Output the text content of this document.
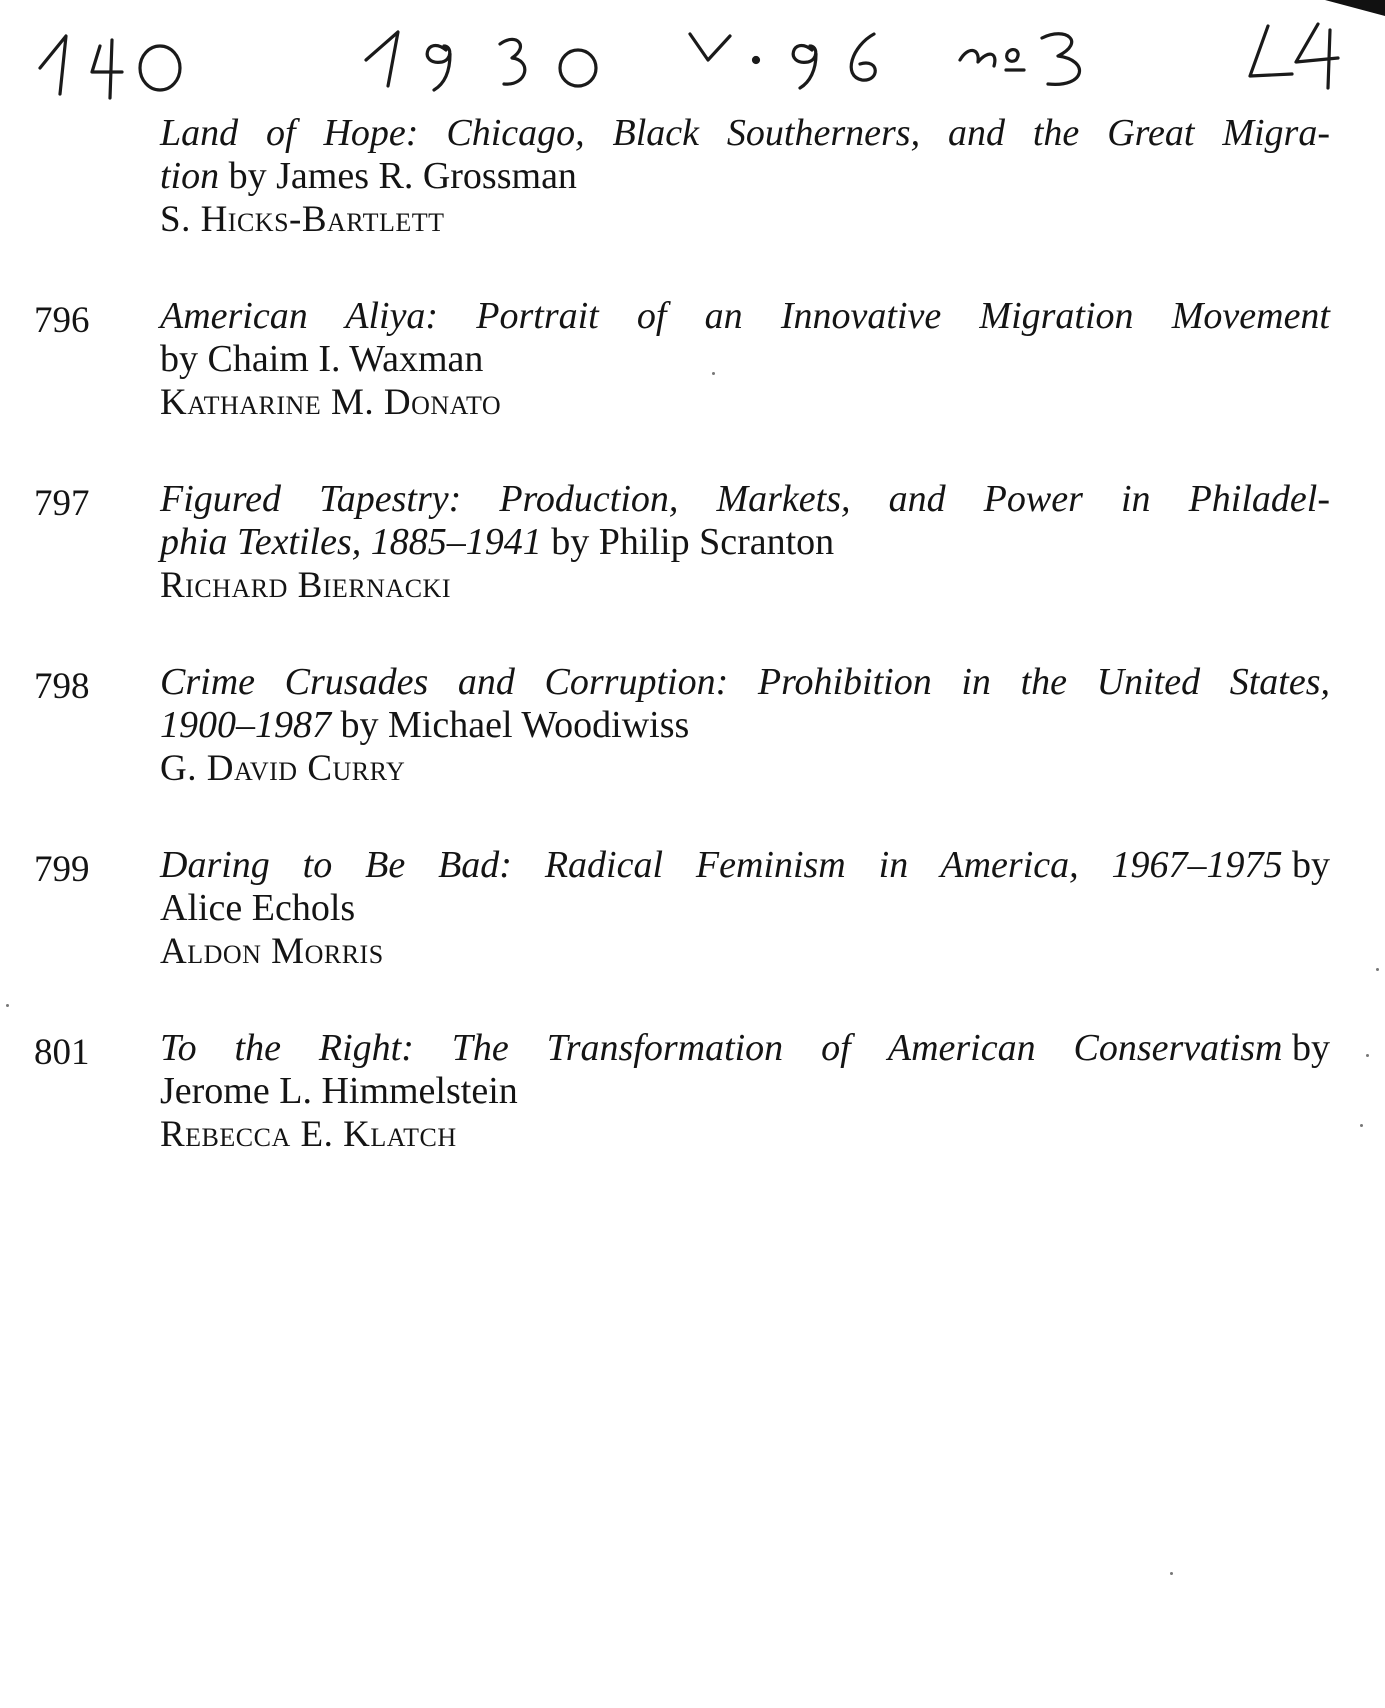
Land of Hope: Chicago, Black Southerners, and the Great Migra-
tion by James R. Grossman
S. Hicks-Bartlett
796 American Aliya: Portrait of an Innovative Migration Movement
by Chaim I. Waxman
Katharine M. Donato
797 Figured Tapestry: Production, Markets, and Power in Philadel-
phia Textiles, 1885–1941 by Philip Scranton
Richard Biernacki
798 Crime Crusades and Corruption: Prohibition in the United States,
1900–1987 by Michael Woodiwiss
G. David Curry
799 Daring to Be Bad: Radical Feminism in America, 1967–1975 by
Alice Echols
Aldon Morris
801 To the Right: The Transformation of American Conservatism by
Jerome L. Himmelstein
Rebecca E. Klatch
